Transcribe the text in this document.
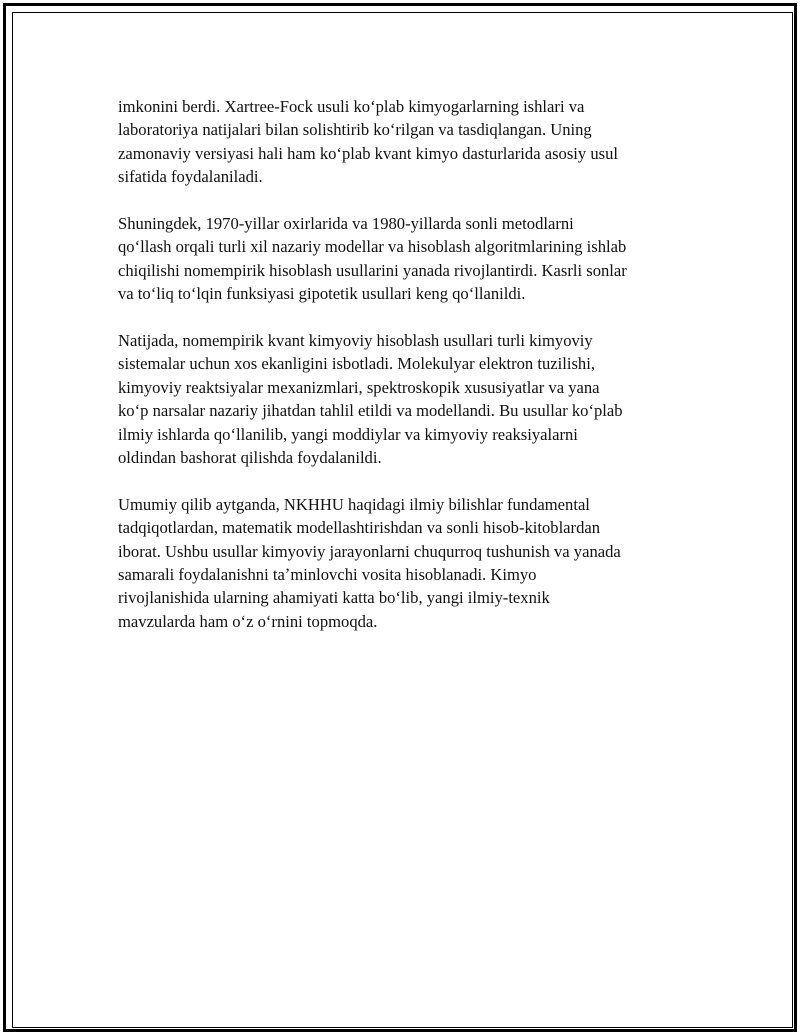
imkonini berdi. Xartree-Fock usuli koʻplab kimyogarlarning ishlari va
laboratoriya natijalari bilan solishtirib koʻrilgan va tasdiqlangan. Uning
zamonaviy versiyasi hali ham koʻplab kvant kimyo dasturlarida asosiy usul
sifatida foydalaniladi.

Shuningdek, 1970-yillar oxirlarida va 1980-yillarda sonli metodlarni
qoʻllash orqali turli xil nazariy modellar va hisoblash algoritmlarining ishlab
chiqilishi nomempirik hisoblash usullarini yanada rivojlantirdi. Kasrli sonlar
va toʻliq toʻlqin funksiyasi gipotetik usullari keng qoʻllanildi.

Natijada, nomempirik kvant kimyoviy hisoblash usullari turli kimyoviy
sistemalar uchun xos ekanligini isbotladi. Molekulyar elektron tuzilishi,
kimyoviy reaktsiyalar mexanizmlari, spektroskopik xususiyatlar va yana
koʻp narsalar nazariy jihatdan tahlil etildi va modellandi. Bu usullar koʻplab
ilmiy ishlarda qoʻllanilib, yangi moddiylar va kimyoviy reaksiyalarni
oldindan bashorat qilishda foydalanildi.

Umumiy qilib aytganda, NKHHU haqidagi ilmiy bilishlar fundamental
tadqiqotlardan, matematik modellashtirishdan va sonli hisob-kitoblardan
iborat. Ushbu usullar kimyoviy jarayonlarni chuqurroq tushunish va yanada
samarali foydalanishni taʼminlovchi vosita hisoblanadi. Kimyo
rivojlanishida ularning ahamiyati katta boʻlib, yangi ilmiy-texnik
mavzularda ham oʻz oʻrnini topmoqda.
